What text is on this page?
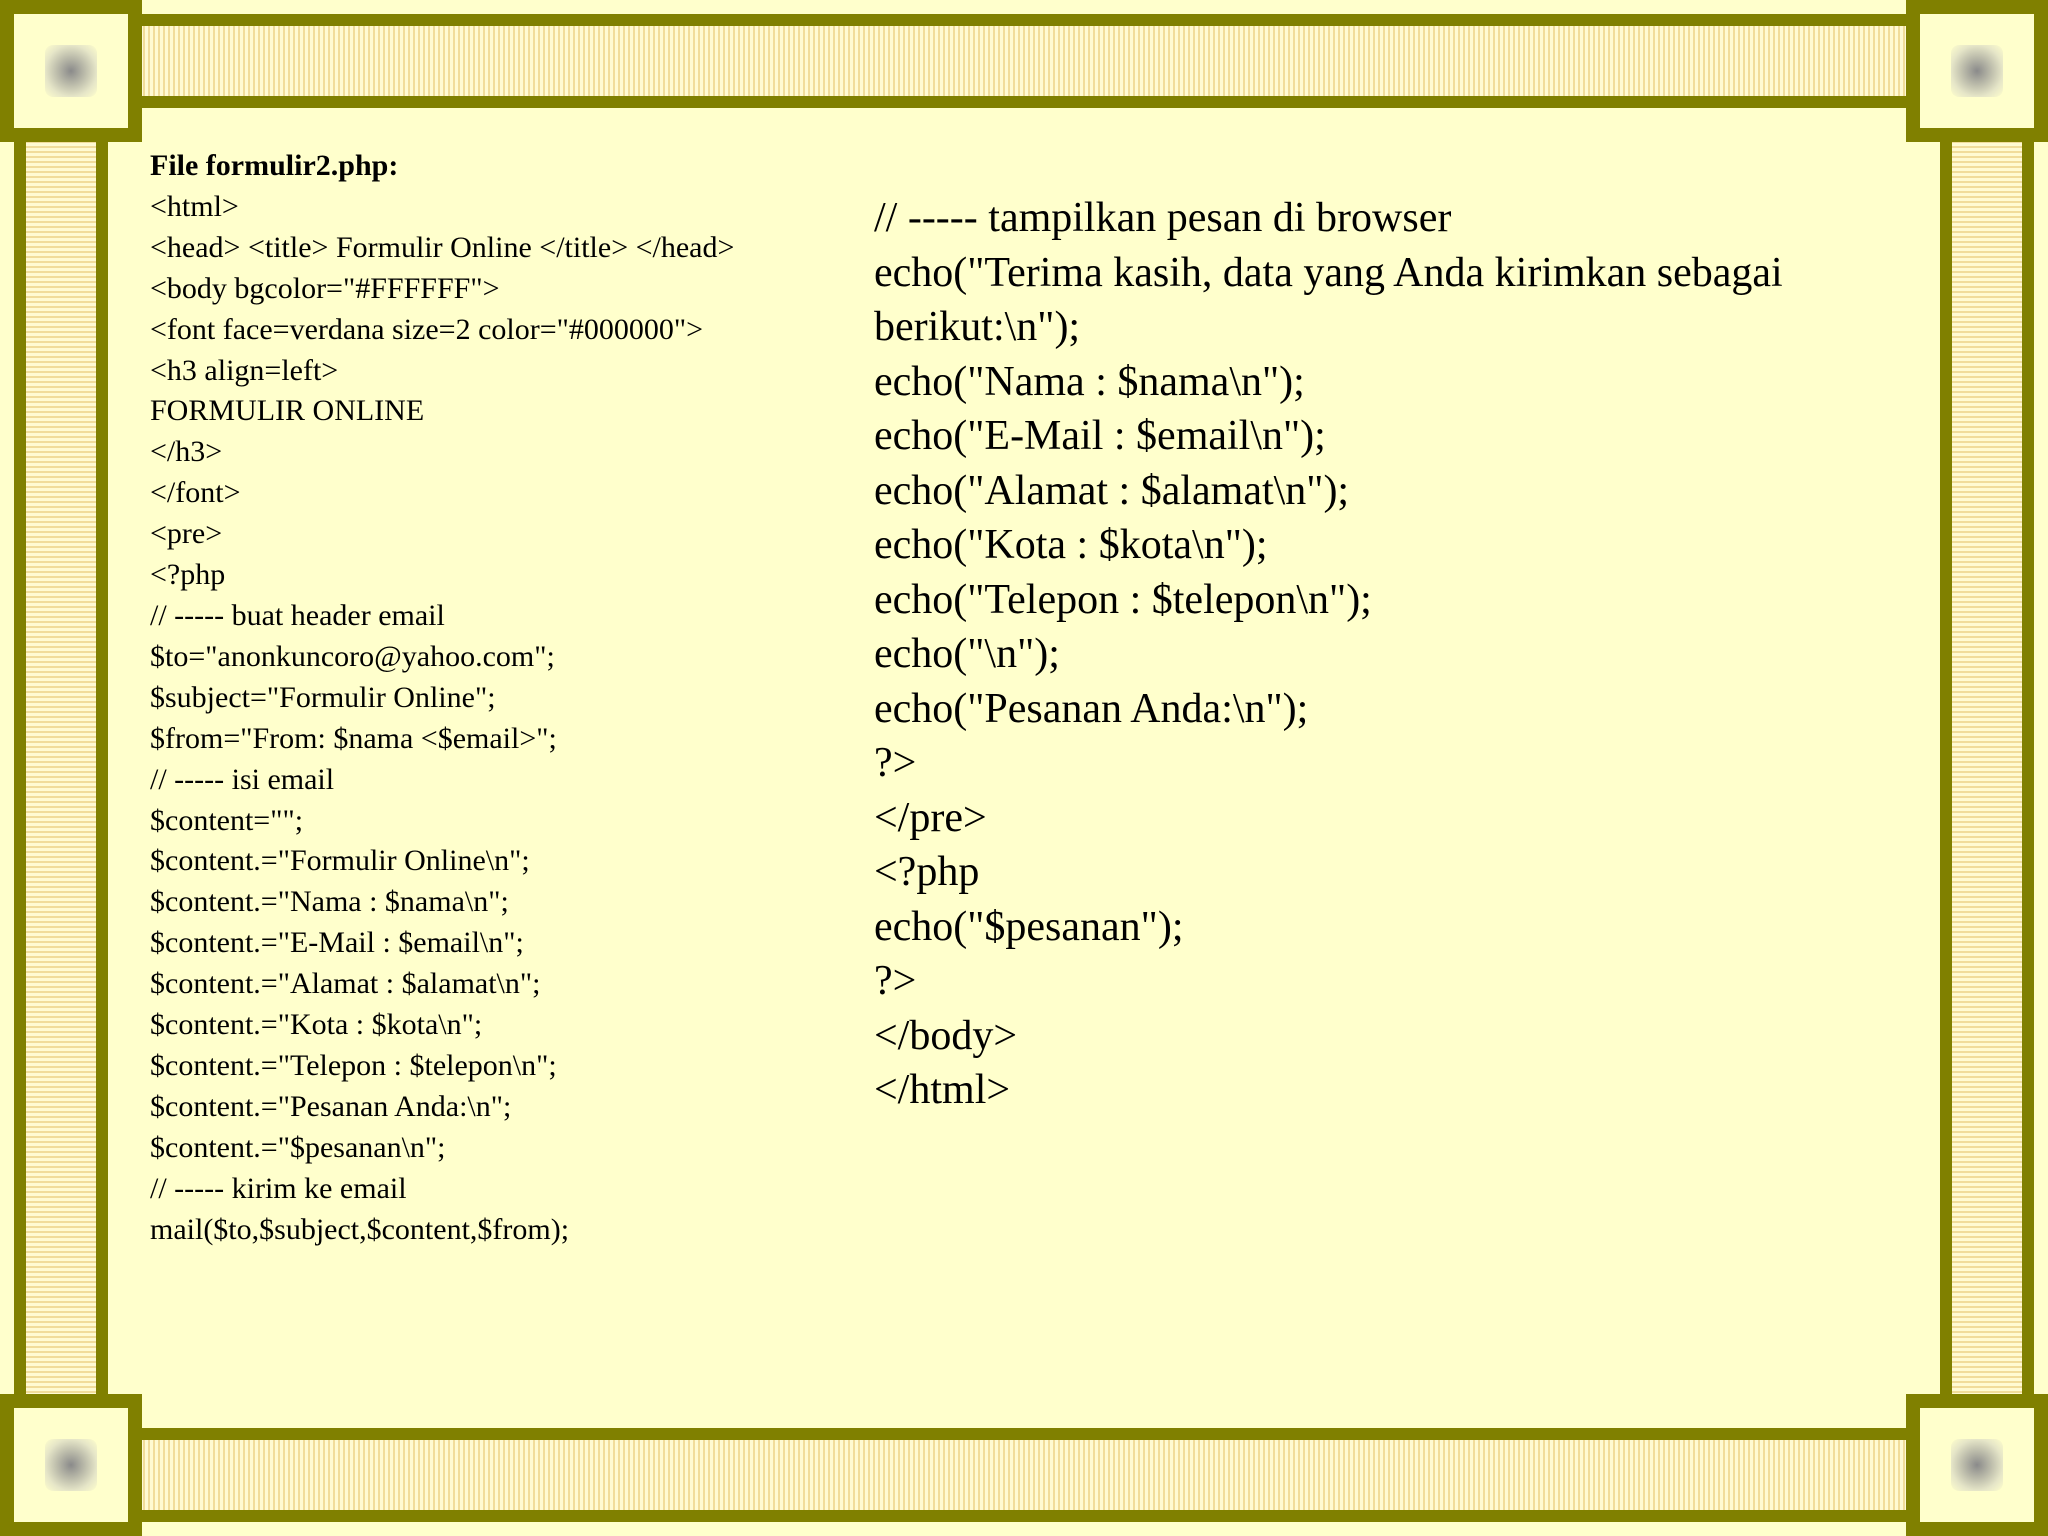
File formulir2.php:
<html>
<head> <title> Formulir Online </title> </head>
<body bgcolor="#FFFFFF">
<font face=verdana size=2 color="#000000">
<h3 align=left>
FORMULIR ONLINE
</h3>
</font>
<pre>
<?php
// ----- buat header email
$to="anonkuncoro@yahoo.com";
$subject="Formulir Online";
$from="From: $nama <$email>";
// ----- isi email
$content="";
$content.="Formulir Online\n";
$content.="Nama : $nama\n";
$content.="E-Mail : $email\n";
$content.="Alamat : $alamat\n";
$content.="Kota : $kota\n";
$content.="Telepon : $telepon\n";
$content.="Pesanan Anda:\n";
$content.="$pesanan\n";
// ----- kirim ke email
mail($to,$subject,$content,$from);
// ----- tampilkan pesan di browser
echo("Terima kasih, data yang Anda kirimkan sebagai
berikut:\n");
echo("Nama : $nama\n");
echo("E-Mail : $email\n");
echo("Alamat : $alamat\n");
echo("Kota : $kota\n");
echo("Telepon : $telepon\n");
echo("\n");
echo("Pesanan Anda:\n");
?>
</pre>
<?php
echo("$pesanan");
?>
</body>
</html>
